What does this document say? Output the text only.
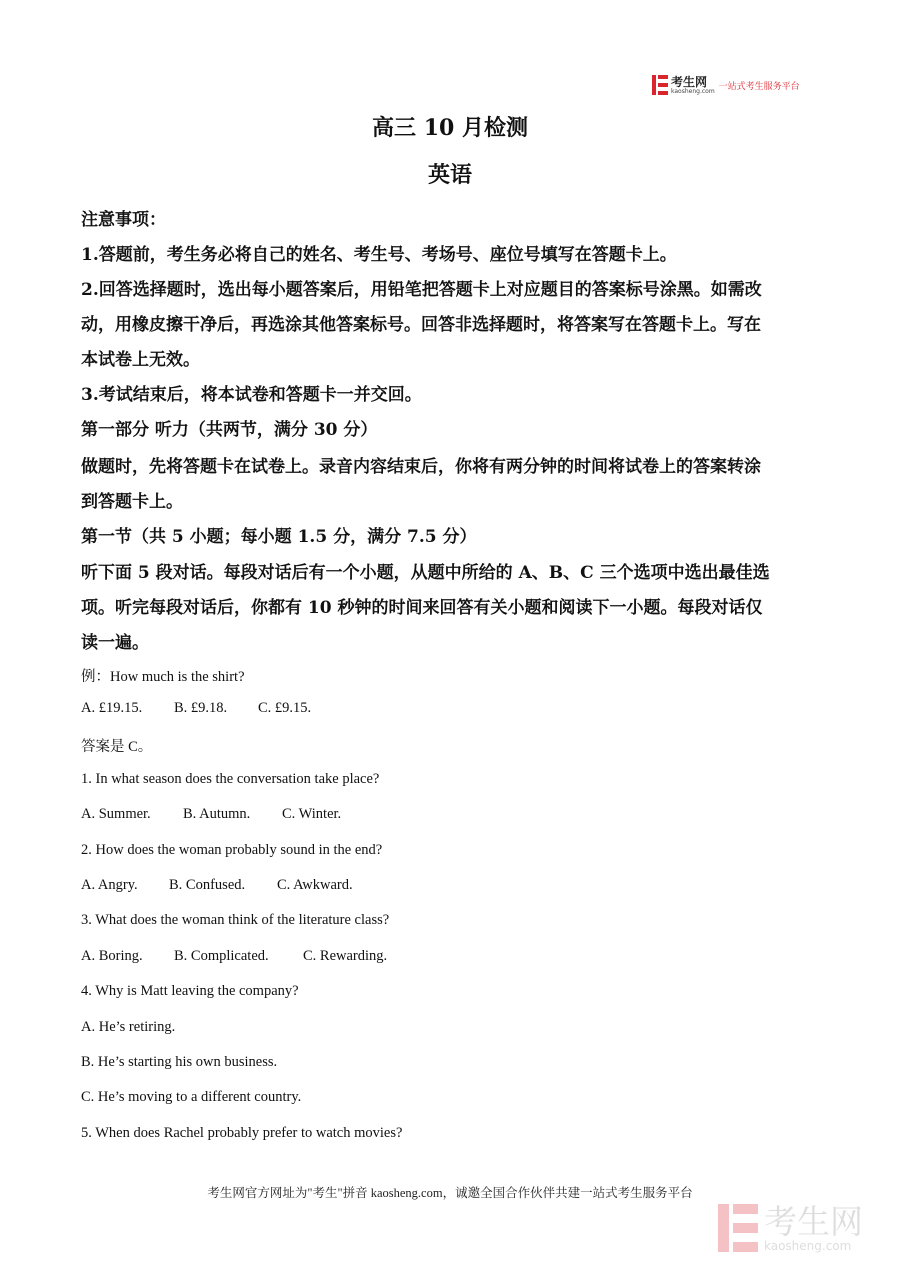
考生网
kaosheng.com 一站式考生服务平台
高三 10 月检测
英语
注意事项：
1.答题前，考生务必将自己的姓名、考生号、考场号、座位号填写在答题卡上。
2.回答选择题时，选出每小题答案后，用铅笔把答题卡上对应题目的答案标号涂黑。如需改
动，用橡皮擦干净后，再选涂其他答案标号。回答非选择题时，将答案写在答题卡上。写在
本试卷上无效。
3.考试结束后，将本试卷和答题卡一并交回。
第一部分 听力（共两节，满分 30 分）
做题时，先将答题卡在试卷上。录音内容结束后，你将有两分钟的时间将试卷上的答案转涂
到答题卡上。
第一节（共 5 小题；每小题 1.5 分，满分 7.5 分）
听下面 5 段对话。每段对话后有一个小题，从题中所给的 A、B、C 三个选项中选出最佳选
项。听完每段对话后，你都有 10 秒钟的时间来回答有关小题和阅读下一小题。每段对话仅
读一遍。
例：How much is the shirt?
A. £19.15. B. £9.18. C. £9.15.
答案是 C。
1. In what season does the conversation take place?
A. Summer. B. Autumn. C. Winter.
2. How does the woman probably sound in the end?
A. Angry. B. Confused. C. Awkward.
3. What does the woman think of the literature class?
A. Boring. B. Complicated. C. Rewarding.
4. Why is Matt leaving the company?
A. He’s retiring.
B. He’s starting his own business.
C. He’s moving to a different country.
5. When does Rachel probably prefer to watch movies?
考生网官方网址为"考生"拼音 kaosheng.com，诚邀全国合作伙伴共建一站式考生服务平台
考生网
kaosheng.com
